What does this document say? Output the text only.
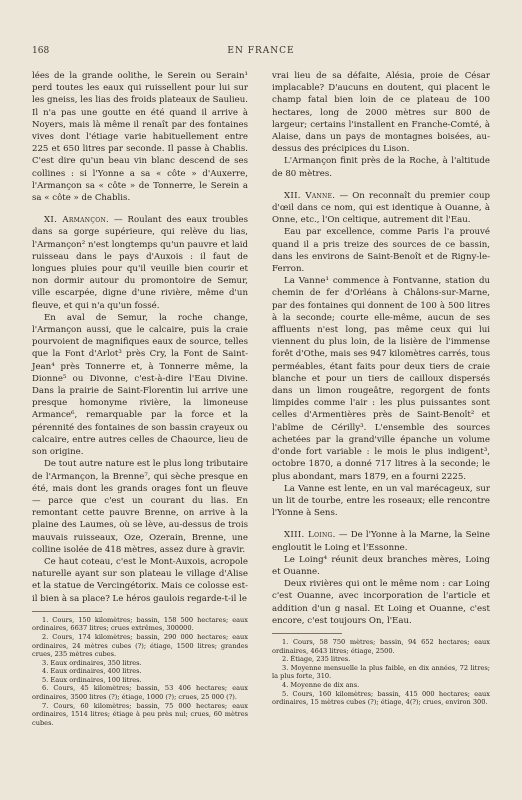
168	EN FRANCE

lées de la grande oolithe, le Serein ou Serain¹ perd toutes les eaux qui ruissellent pour lui sur les gneiss, les lias des froids plateaux de Saulieu. Il n'a pas une goutte en été quand il arrive à Noyers, mais là même il renaît par des fontaines vives dont l'étiage varie habituellement entre 225 et 650 litres par seconde. Il passe à Chablis. C'est dire qu'un beau vin blanc descend de ses collines : si l'Yonne a sa « côte » d'Auxerre, l'Armançon sa « côte » de Tonnerre, le Serein a sa « côte » de Chablis.

XI. Armançon. — Roulant des eaux troubles dans sa gorge supérieure, qui relève du lias, l'Armançon² n'est longtemps qu'un pauvre et laid ruisseau dans le pays d'Auxois : il faut de longues pluies pour qu'il veuille bien courir et non dormir autour du promontoire de Semur, ville escarpée, digne d'une rivière, même d'un fleuve, et qui n'a qu'un fossé.

En aval de Semur, la roche change, l'Armançon aussi, que le calcaire, puis la craie pourvoient de magnifiques eaux de source, telles que la Font d'Arlot³ près Cry, la Font de Saint-Jean⁴ près Tonnerre et, à Tonnerre même, la Dionne⁵ ou Divonne, c'est-à-dire l'Eau Divine. Dans la prairie de Saint-Florentin lui arrive une presque homonyme rivière, la limoneuse Armance⁶, remarquable par la force et la pérennité des fontaines de son bassin crayeux ou calcaire, entre autres celles de Chaource, lieu de son origine.

De tout autre nature est le plus long tributaire de l'Armançon, la Brenne⁷, qui sèche presque en été, mais dont les grands orages font un fleuve — parce que c'est un courant du lias. En remontant cette pauvre Brenne, on arrive à la plaine des Laumes, où se lève, au-dessus de trois mauvais ruisseaux, Oze, Ozerain, Brenne, une colline isolée de 418 mètres, assez dure à gravir.

Ce haut coteau, c'est le Mont-Auxois, acropole naturelle ayant sur son plateau le village d'Alise et la statue de Vercingétorix. Mais ce colosse est-il bien à sa place? Le héros gaulois regarde-t-il le

1. Cours, 150 kilomètres; bassin, 158 500 hectares; eaux ordinaires, 6637 litres; crues extrêmes, 300000.

2. Cours, 174 kilomètres; bassin, 290 000 hectares; eaux ordinaires, 24 mètres cubes (?); étiage, 1500 litres; grandes crues, 235 mètres cubes.

3. Eaux ordinaires, 350 litres.

4. Eaux ordinaires, 400 litres.

5. Eaux ordinaires, 100 litres.

6. Cours, 45 kilomètres; bassin, 53 406 hectares; eaux ordinaires, 3500 litres (?); étiage, 1000 (?); crues, 25 000 (?).

7. Cours, 60 kilomètres; bassin, 75 000 hectares; eaux ordinaires, 1514 litres; étiage à peu près nul; crues, 60 mètres cubes.

vrai lieu de sa défaite, Alésia, proie de César implacable? D'aucuns en doutent, qui placent le champ fatal bien loin de ce plateau de 100 hectares, long de 2000 mètres sur 800 de largeur; certains l'installent en Franche-Comté, à Alaise, dans un pays de montagnes boisées, au-dessus des précipices du Lison.

L'Armançon finit près de la Roche, à l'altitude de 80 mètres.

XII. Vanne. — On reconnaît du premier coup d'œil dans ce nom, qui est identique à Ouanne, à Onne, etc., l'On celtique, autrement dit l'Eau.

Eau par excellence, comme Paris l'a prouvé quand il a pris treize des sources de ce bassin, dans les environs de Saint-Benoît et de Rigny-le-Ferron.

La Vanne¹ commence à Fontvanne, station du chemin de fer d'Orléans à Châlons-sur-Marne, par des fontaines qui donnent de 100 à 500 litres à la seconde; courte elle-même, aucun de ses affluents n'est long, pas même ceux qui lui viennent du plus loin, de la lisière de l'immense forêt d'Othe, mais ses 947 kilomètres carrés, tous perméables, étant faits pour deux tiers de craie blanche et pour un tiers de cailloux dispersés dans un limon rougeâtre, regorgent de fonts limpides comme l'air : les plus puissantes sont celles d'Armentières près de Saint-Benoît² et l'abîme de Cérilly³. L'ensemble des sources achetées par la grand'ville épanche un volume d'onde fort variable : le mois le plus indigent³, octobre 1870, a donné 717 litres à la seconde; le plus abondant, mars 1879, en a fourni 2225.

La Vanne est lente, en un val marécageux, sur un lit de tourbe, entre les roseaux; elle rencontre l'Yonne à Sens.

XIII. Loing. — De l'Yonne à la Marne, la Seine engloutit le Loing et l'Essonne.

Le Loing⁴ réunit deux branches mères, Loing et Ouanne.

Deux rivières qui ont le même nom : car Loing c'est Ouanne, avec incorporation de l'article et addition d'un g nasal. Et Loing et Ouanne, c'est encore, c'est toujours On, l'Eau.

1. Cours, 58 750 mètres; bassin, 94 652 hectares; eaux ordinaires, 4643 litres; étiage, 2500.

2. Étiage, 235 litres.

3. Moyenne mensuelle la plus faible, en dix années, 72 litres; la plus forte, 310.

4. Moyenne de dix ans.

5. Cours, 160 kilomètres; bassin, 415 000 hectares; eaux ordinaires, 15 mètres cubes (?); étiage, 4(?); crues, environ 300.
